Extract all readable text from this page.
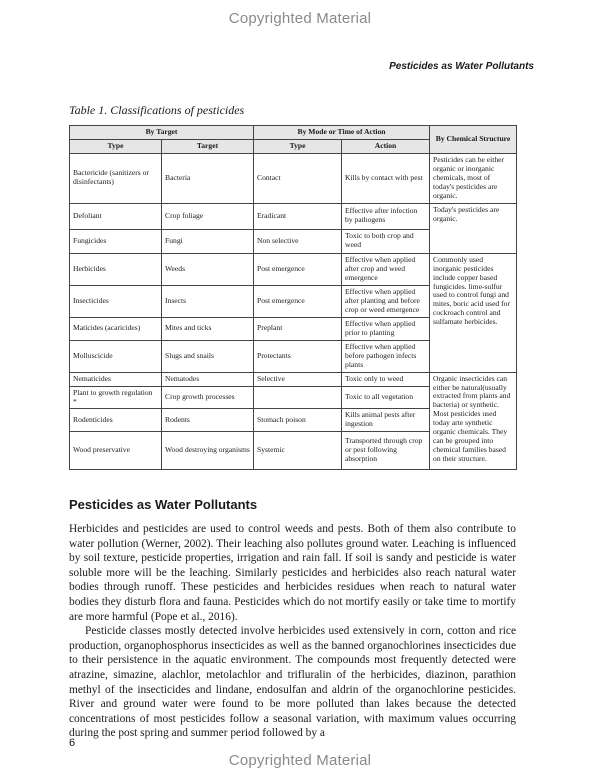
Copyrighted Material
Pesticides as Water Pollutants
Table 1. Classifications of pesticides
By Target		By Mode or Time of Action		By Chemical Structure
Type	Target	Type	Action	
Bactericide (sanitizers or disinfectants)	Bacteria	Contact	Kills by contact with pest	Pesticides can be either organic or inorganic chemicals, most of today's pesticides are organic.
Defoliant	Crop foliage	Eradicant	Effective after infection by pathogens	Today's pesticides are organic.
Fungicides	Fungi	Non selective	Toxic to both crop and weed	
Herbicides	Weeds	Post emergence	Effective when applied after crop and weed emergence	Commonly used inorganic pesticides include copper based fungicides. lime-sulfur used to control fungi and mites, boric acid used for cockroach control and sulfamate herbicides.
Insecticides	Insects	Post emergence	Effective when applied after planting and before crop or weed emergence	
Maticides (acaricides)	Mites and ticks	Preplant	Effective when applied prior to planting	
Molluscicide	Slugs and snails	Protectants	Effective when applied before pathogen infects plants	
Nematicides	Nematodes	Selective	Toxic only to weed	Organic insecticides can either be natural(usually extracted from plants and bacteria) or synthetic. Most pesticides used today arte synthetic organic chemicals. They can be grouped into chemical families based on their structure.
Plant to growth regulation *	Crop growth processes		Toxic to all vegetation	
Rodenticides	Rodents	Stomach poison	Kills animal pests after ingestion	
Wood preservative	Wood destroying organisms	Systemic	Transported through crop or pest following absorption	
Pesticides as Water Pollutants

Herbicides and pesticides are used to control weeds and pests. Both of them also contribute to water pollution (Werner, 2002). Their leaching also pollutes ground water. Leaching is influenced by soil texture, pesticide properties, irrigation and rain fall. If soil is sandy and pesticide is water soluble more will be the leaching. Similarly pesticides and herbicides also reach natural water bodies through runoff. These pesticides and herbicides residues when reach to natural water bodies they disturb flora and fauna. Pesticides which do not mortify easily or take time to mortify are more harmful (Pope et al., 2016).

Pesticide classes mostly detected involve herbicides used extensively in corn, cotton and rice production, organophosphorus insecticides as well as the banned organochlorines insecticides due to their persistence in the aquatic environment. The compounds most frequently detected were atrazine, simazine, alachlor, metolachlor and trifluralin of the herbicides, diazinon, parathion methyl of the insecticides and lindane, endosulfan and aldrin of the organochlorine pesticides. River and ground water were found to be more polluted than lakes because the detected concentrations of most pesticides follow a seasonal variation, with maximum values occurring during the post spring and summer period followed by a

6
Copyrighted Material
